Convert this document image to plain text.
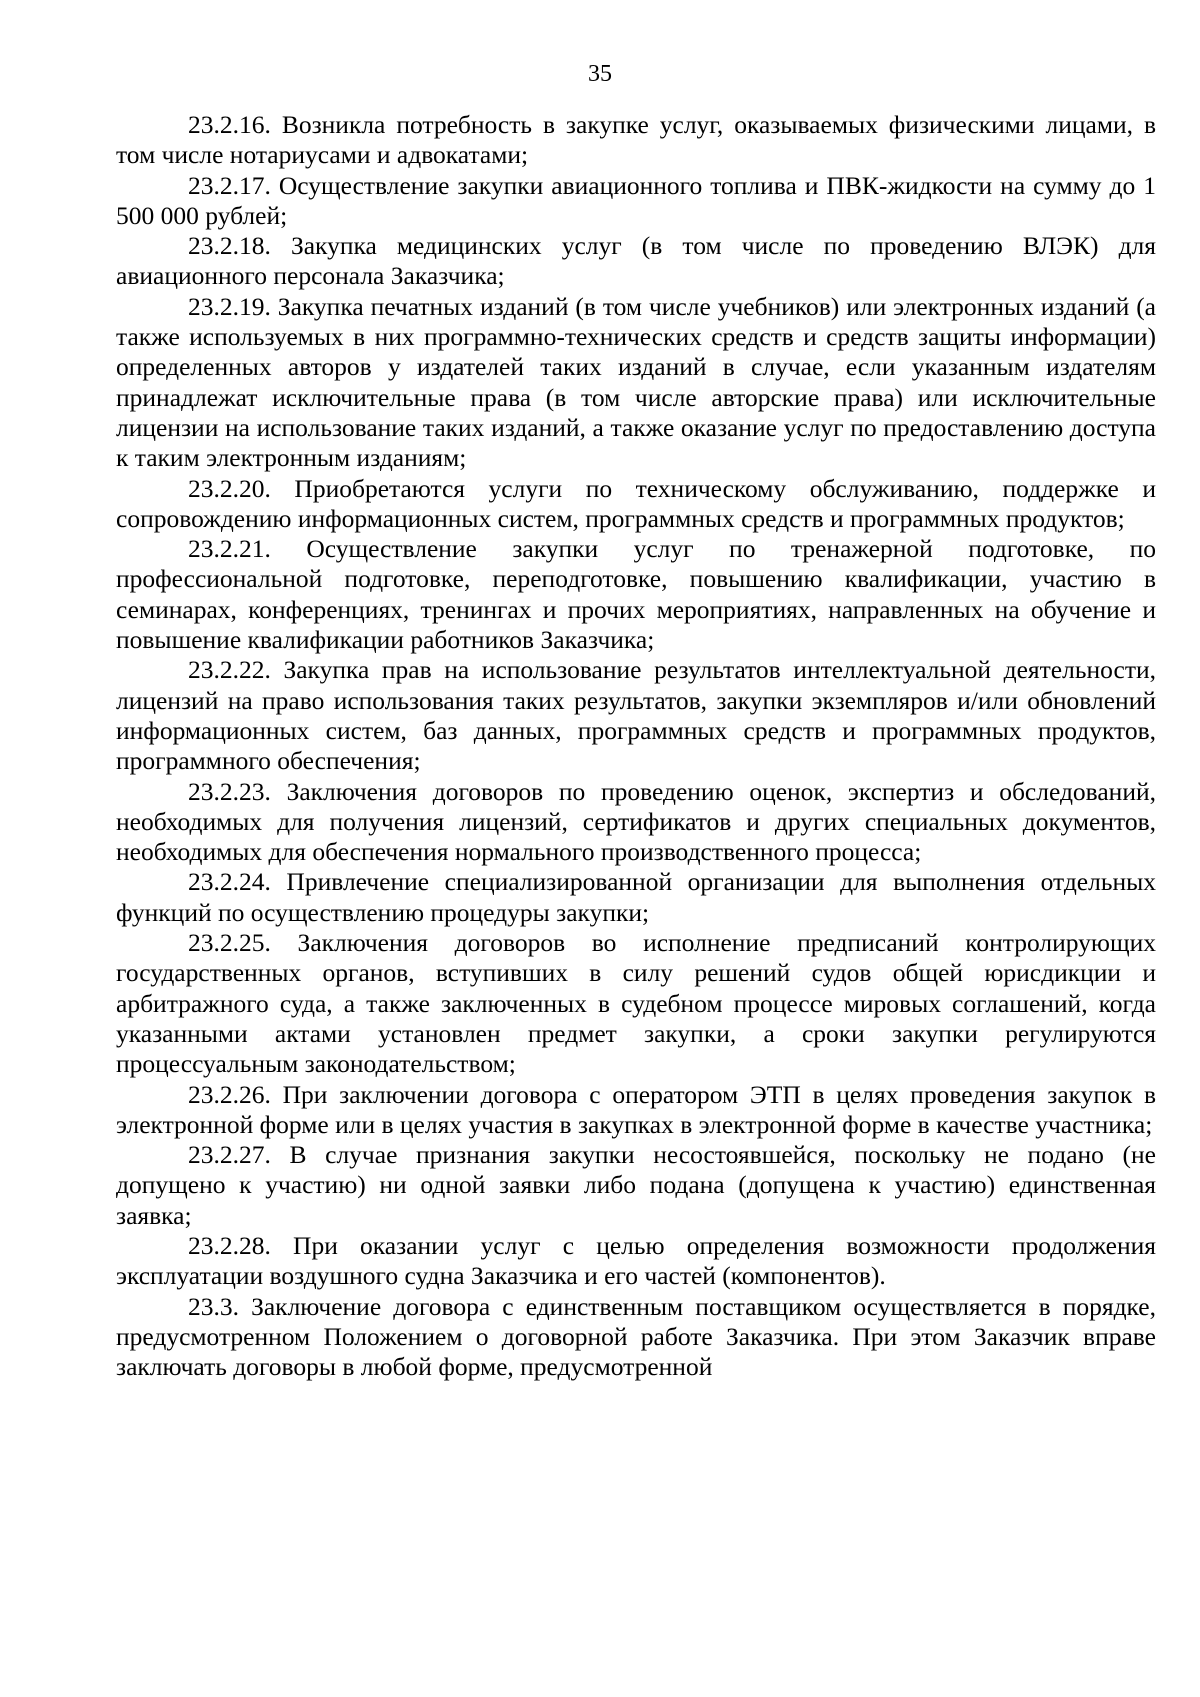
35

23.2.16. Возникла потребность в закупке услуг, оказываемых физическими лицами, в том числе нотариусами и адвокатами;

23.2.17. Осуществление закупки авиационного топлива и ПВК-жидкости на сумму до 1 500 000 рублей;

23.2.18. Закупка медицинских услуг (в том числе по проведению ВЛЭК) для авиационного персонала Заказчика;

23.2.19. Закупка печатных изданий (в том числе учебников) или электронных изданий (а также используемых в них программно-технических средств и средств защиты информации) определенных авторов у издателей таких изданий в случае, если указанным издателям принадлежат исключительные права (в том числе авторские права) или исключительные лицензии на использование таких изданий, а также оказание услуг по предоставлению доступа к таким электронным изданиям;

23.2.20. Приобретаются услуги по техническому обслуживанию, поддержке и сопровождению информационных систем, программных средств и программных продуктов;

23.2.21. Осуществление закупки услуг по тренажерной подготовке, по профессиональной подготовке, переподготовке, повышению квалификации, участию в семинарах, конференциях, тренингах и прочих мероприятиях, направленных на обучение и повышение квалификации работников Заказчика;

23.2.22. Закупка прав на использование результатов интеллектуальной деятельности, лицензий на право использования таких результатов, закупки экземпляров и/или обновлений информационных систем, баз данных, программных средств и программных продуктов, программного обеспечения;

23.2.23. Заключения договоров по проведению оценок, экспертиз и обследований, необходимых для получения лицензий, сертификатов и других специальных документов, необходимых для обеспечения нормального производственного процесса;

23.2.24. Привлечение специализированной организации для выполнения отдельных функций по осуществлению процедуры закупки;

23.2.25. Заключения договоров во исполнение предписаний контролирующих государственных органов, вступивших в силу решений судов общей юрисдикции и арбитражного суда, а также заключенных в судебном процессе мировых соглашений, когда указанными актами установлен предмет закупки, а сроки закупки регулируются процессуальным законодательством;

23.2.26. При заключении договора с оператором ЭТП в целях проведения закупок в электронной форме или в целях участия в закупках в электронной форме в качестве участника;

23.2.27. В случае признания закупки несостоявшейся, поскольку не подано (не допущено к участию) ни одной заявки либо подана (допущена к участию) единственная заявка;

23.2.28. При оказании услуг с целью определения возможности продолжения эксплуатации воздушного судна Заказчика и его частей (компонентов).

23.3. Заключение договора с единственным поставщиком осуществляется в порядке, предусмотренном Положением о договорной работе Заказчика. При этом Заказчик вправе заключать договоры в любой форме, предусмотренной
